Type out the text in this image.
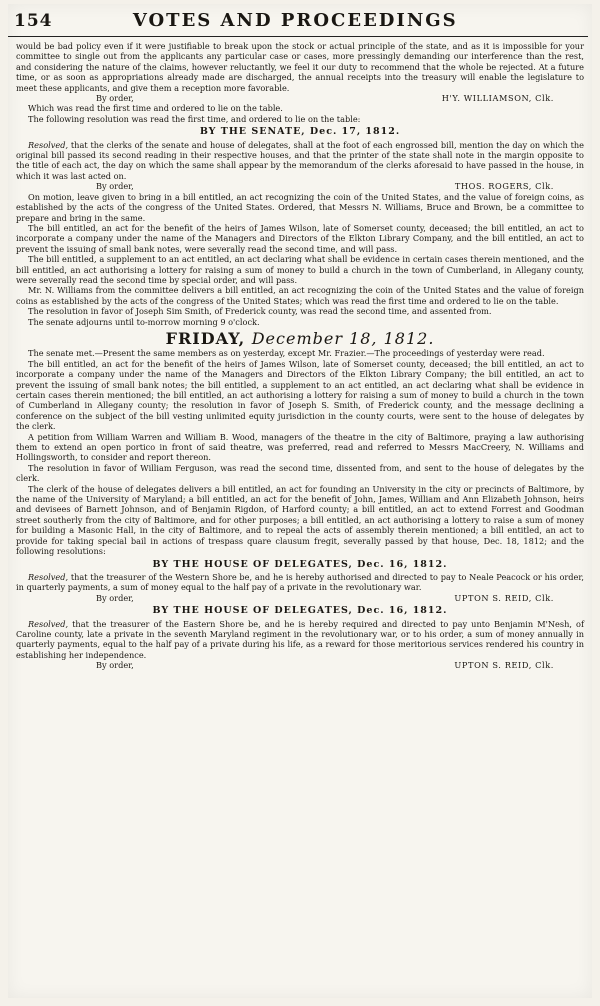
154	VOTES AND PROCEEDINGS

would be bad policy even if it were justifiable to break upon the stock or actual principle of the state, and as it is impossible for your committee to single out from the applicants any particular case or cases, more pressingly demanding our interference than the rest, and considering the nature of the claims, however reluctantly, we feel it our duty to recommend that the whole be rejected. At a future time, or as soon as appropriations already made are discharged, the annual receipts into the treasury will enable the legislature to meet these applicants, and give them a reception more favorable.

By order,	H'Y. WILLIAMSON, Clk.

Which was read the first time and ordered to lie on the table.

The following resolution was read the first time, and ordered to lie on the table:

BY THE SENATE, Dec. 17, 1812.

Resolved, that the clerks of the senate and house of delegates, shall at the foot of each engrossed bill, mention the day on which the original bill passed its second reading in their respective houses, and that the printer of the state shall note in the margin opposite to the title of each act, the day on which the same shall appear by the memorandum of the clerks aforesaid to have passed in the house, in which it was last acted on.

By order,	THOS. ROGERS, Clk.

On motion, leave given to bring in a bill entitled, an act recognizing the coin of the United States, and the value of foreign coins, as established by the acts of the congress of the United States. Ordered, that Messrs N. Williams, Bruce and Brown, be a committee to prepare and bring in the same.

The bill entitled, an act for the benefit of the heirs of James Wilson, late of Somerset county, deceased; the bill entitled, an act to incorporate a company under the name of the Managers and Directors of the Elkton Library Company, and the bill entitled, an act to prevent the issuing of small bank notes, were severally read the second time, and will pass.

The bill entitled, a supplement to an act entitled, an act declaring what shall be evidence in certain cases therein mentioned, and the bill entitled, an act authorising a lottery for raising a sum of money to build a church in the town of Cumberland, in Allegany county, were severally read the second time by special order, and will pass.

Mr. N. Williams from the committee delivers a bill entitled, an act recognizing the coin of the United States and the value of foreign coins as established by the acts of the congress of the United States; which was read the first time and ordered to lie on the table.

The resolution in favor of Joseph Sim Smith, of Frederick county, was read the second time, and assented from.

The senate adjourns until to-morrow morning 9 o'clock.

FRIDAY, December 18, 1812.

The senate met.—Present the same members as on yesterday, except Mr. Frazier.—The proceedings of yesterday were read.

The bill entitled, an act for the benefit of the heirs of James Wilson, late of Somerset county, deceased; the bill entitled, an act to incorporate a company under the name of the Managers and Directors of the Elkton Library Company; the bill entitled, an act to prevent the issuing of small bank notes; the bill entitled, a supplement to an act entitled, an act declaring what shall be evidence in certain cases therein mentioned; the bill entitled, an act authorising a lottery for raising a sum of money to build a church in the town of Cumberland in Allegany county; the resolution in favor of Joseph S. Smith, of Frederick county, and the message declining a conference on the subject of the bill vesting unlimited equity jurisdiction in the county courts, were sent to the house of delegates by the clerk.

A petition from William Warren and William B. Wood, managers of the theatre in the city of Baltimore, praying a law authorising them to extend an open portico in front of said theatre, was preferred, read and referred to Messrs MacCreery, N. Williams and Hollingsworth, to consider and report thereon.

The resolution in favor of William Ferguson, was read the second time, dissented from, and sent to the house of delegates by the clerk.

The clerk of the house of delegates delivers a bill entitled, an act for founding an University in the city or precincts of Baltimore, by the name of the University of Maryland; a bill entitled, an act for the benefit of John, James, William and Ann Elizabeth Johnson, heirs and devisees of Barnett Johnson, and of Benjamin Rigdon, of Harford county; a bill entitled, an act to extend Forrest and Goodman street southerly from the city of Baltimore, and for other purposes; a bill entitled, an act authorising a lottery to raise a sum of money for building a Masonic Hall, in the city of Baltimore, and to repeal the acts of assembly therein mentioned; a bill entitled, an act to provide for taking special bail in actions of trespass quare clausum fregit, severally passed by that house, Dec. 18, 1812; and the following resolutions:

BY THE HOUSE OF DELEGATES, Dec. 16, 1812.

Resolved, that the treasurer of the Western Shore be, and he is hereby authorised and directed to pay to Neale Peacock or his order, in quarterly payments, a sum of money equal to the half pay of a private in the revolutionary war.

By order,	UPTON S. REID, Clk.
BY THE HOUSE OF DELEGATES, Dec. 16, 1812.

Resolved, that the treasurer of the Eastern Shore be, and he is hereby required and directed to pay unto Benjamin M'Nesh, of Caroline county, late a private in the seventh Maryland regiment in the revolutionary war, or to his order, a sum of money annually in quarterly payments, equal to the half pay of a private during his life, as a reward for those meritorious services rendered his country in establishing her independence.

By order,	UPTON S. REID, Clk.
